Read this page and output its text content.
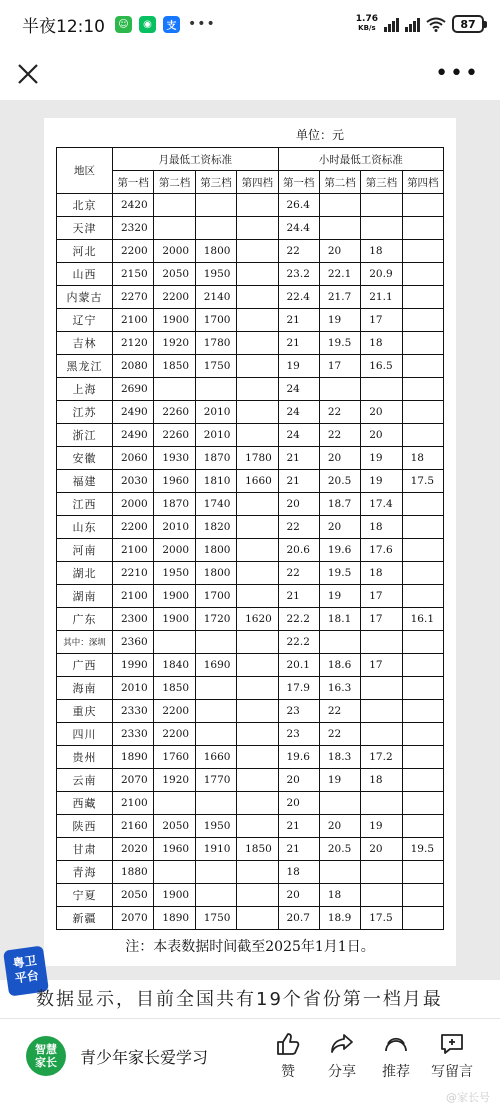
半夜12:10	☺	◉	支 •••	1.76
KB/s	87
•••
单位：元
地区	月最低工资标准				小时最低工资标准			
	第一档	第二档	第三档	第四档	第一档	第二档	第三档	第四档
北京	2420				26.4			
天津	2320				24.4			
河北	2200	2000	1800		22	20	18	
山西	2150	2050	1950		23.2	22.1	20.9	
内蒙古	2270	2200	2140		22.4	21.7	21.1	
辽宁	2100	1900	1700		21	19	17	
吉林	2120	1920	1780		21	19.5	18	
黑龙江	2080	1850	1750		19	17	16.5	
上海	2690				24			
江苏	2490	2260	2010		24	22	20	
浙江	2490	2260	2010		24	22	20	
安徽	2060	1930	1870	1780	21	20	19	18
福建	2030	1960	1810	1660	21	20.5	19	17.5
江西	2000	1870	1740		20	18.7	17.4	
山东	2200	2010	1820		22	20	18	
河南	2100	2000	1800		20.6	19.6	17.6	
湖北	2210	1950	1800		22	19.5	18	
湖南	2100	1900	1700		21	19	17	
广东	2300	1900	1720	1620	22.2	18.1	17	16.1
其中：深圳	2360				22.2			
广西	1990	1840	1690		20.1	18.6	17	
海南	2010	1850			17.9	16.3		
重庆	2330	2200			23	22		
四川	2330	2200			23	22		
贵州	1890	1760	1660		19.6	18.3	17.2	
云南	2070	1920	1770		20	19	18	
西藏	2100				20			
陕西	2160	2050	1950		21	20	19	
甘肃	2020	1960	1910	1850	21	20.5	20	19.5
青海	1880				18			
宁夏	2050	1900			20	18		
新疆	2070	1890	1750		20.7	18.9	17.5	
注：本表数据时间截至2025年1月1日。
粤卫
平台
数据显示，目前全国共有19个省份第一档月最
智慧
家长	青少年家长爱学习
赞	分享	推荐	写留言
@家长号
